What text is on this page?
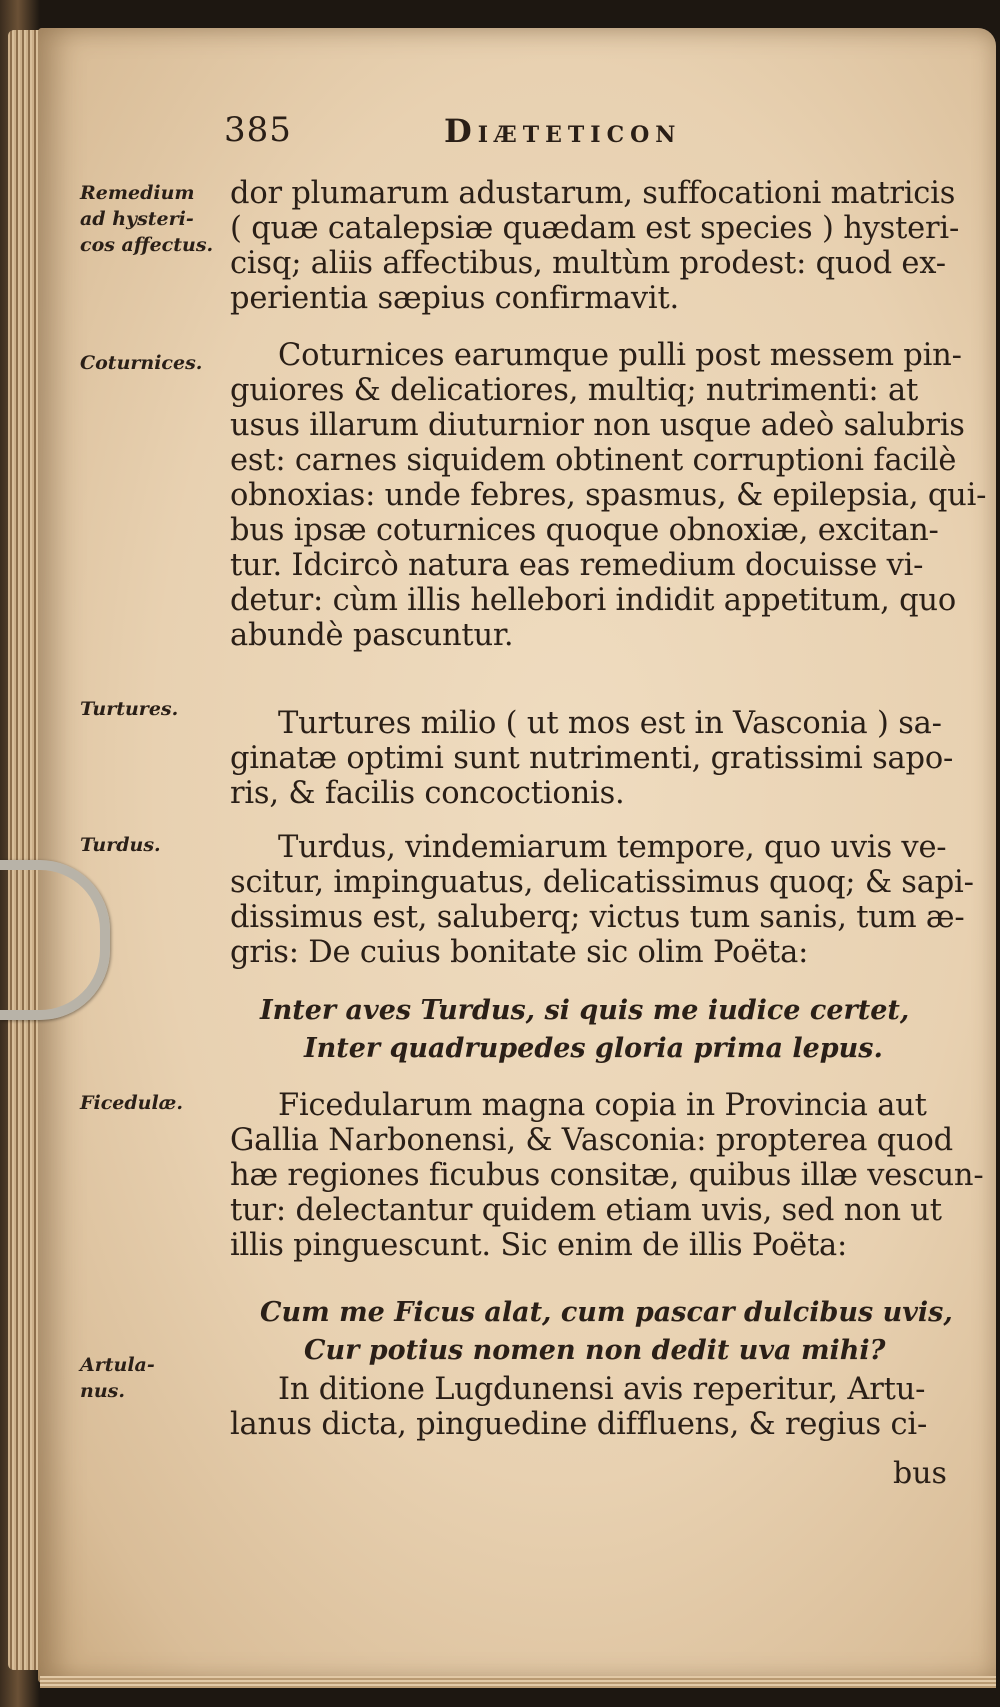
385	Diæteticon
Remedium
ad hysteri-
cos affectus.
dor plumarum adustarum, suffocationi matricis
( quæ catalepsiæ quædam est species ) hysteri-
cisq; aliis affectibus, multùm prodest: quod ex-
perientia sæpius confirmavit.
Coturnices.	Coturnices earumque pulli post messem pin-
guiores & delicatiores, multiq; nutrimenti: at
usus illarum diuturnior non usque adeò salubris
est: carnes siquidem obtinent corruptioni facilè
obnoxias: unde febres, spasmus, & epilepsia, qui-
bus ipsæ coturnices quoque obnoxiæ, excitan-
tur. Idcircò natura eas remedium docuisse vi-
detur: cùm illis hellebori indidit appetitum, quo
abundè pascuntur.
Turtures.	Turtures milio ( ut mos est in Vasconia ) sa-
ginatæ optimi sunt nutrimenti, gratissimi sapo-
ris, & facilis concoctionis.
Turdus.	Turdus, vindemiarum tempore, quo uvis ve-
scitur, impinguatus, delicatissimus quoq; & sapi-
dissimus est, saluberq; victus tum sanis, tum æ-
gris: De cuius bonitate sic olim Poëta:
Inter aves Turdus, si quis me iudice certet,
Inter quadrupedes gloria prima lepus.
Ficedulæ.	Ficedularum magna copia in Provincia aut
Gallia Narbonensi, & Vasconia: propterea quod
hæ regiones ficubus consitæ, quibus illæ vescun-
tur: delectantur quidem etiam uvis, sed non ut
illis pinguescunt. Sic enim de illis Poëta:
Cum me Ficus alat, cum pascar dulcibus uvis,
Cur potius nomen non dedit uva mihi?
Artula-
nus.	In ditione Lugdunensi avis reperitur, Artu-
lanus dicta, pinguedine diffluens, & regius ci-
bus
